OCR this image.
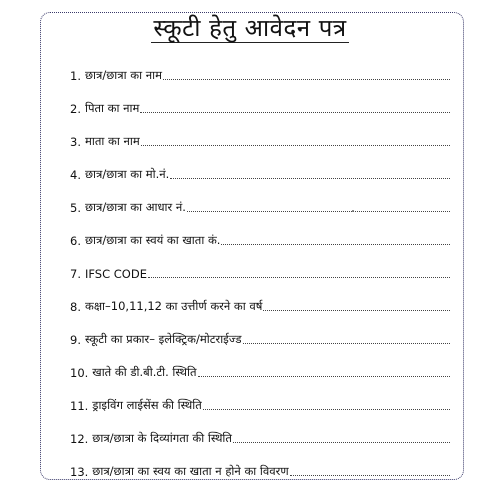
स्कूटी हेतु आवेदन पत्र
1. छात्र/छात्रा का नाम
2. पिता का नाम
3. माता का नाम
4. छात्र/छात्रा का मो.नं.
5. छात्र/छात्रा का आधार नं.
6. छात्र/छात्रा का स्वयं का खाता कं.
7. IFSC CODE
8. कक्षा–10,11,12 का उत्तीर्ण करने का वर्ष
9. स्कूटी का प्रकार– इलेक्ट्रिक/मोटराईज्ड
10. खाते की डी.बी.टी. स्थिति
11. ड्राइविंग लाईसेंस की स्थिति
12. छात्र/छात्रा के दिव्यांगता की स्थिति
13. छात्र/छात्रा का स्वय का खाता न होने का विवरण
